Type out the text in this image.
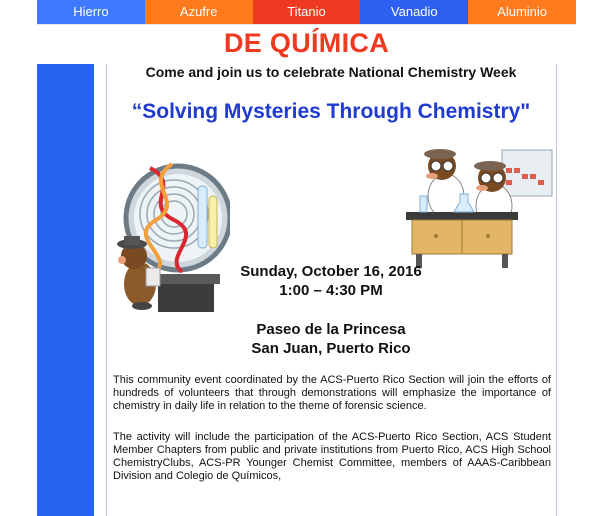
Hierro	Azufre	Titanio	Vanadio	Aluminio
DE QUÍMICA
Come and join us to celebrate National Chemistry Week
“Solving Mysteries Through Chemistry"
Sunday, October 16, 2016
1:00 – 4:30 PM
Paseo de la Princesa
San Juan, Puerto Rico
This community event coordinated by the ACS-Puerto Rico Section will join the efforts of hundreds of volunteers that through demonstrations will emphasize the importance of chemistry in daily life in relation to the theme of forensic science.
The activity will include the participation of the ACS-Puerto Rico Section, ACS Student Member Chapters from public and private institutions from Puerto Rico, ACS High School ChemistryClubs, ACS-PR Younger Chemist Committee, members of AAAS-Caribbean Division and Colegio de Químicos,
